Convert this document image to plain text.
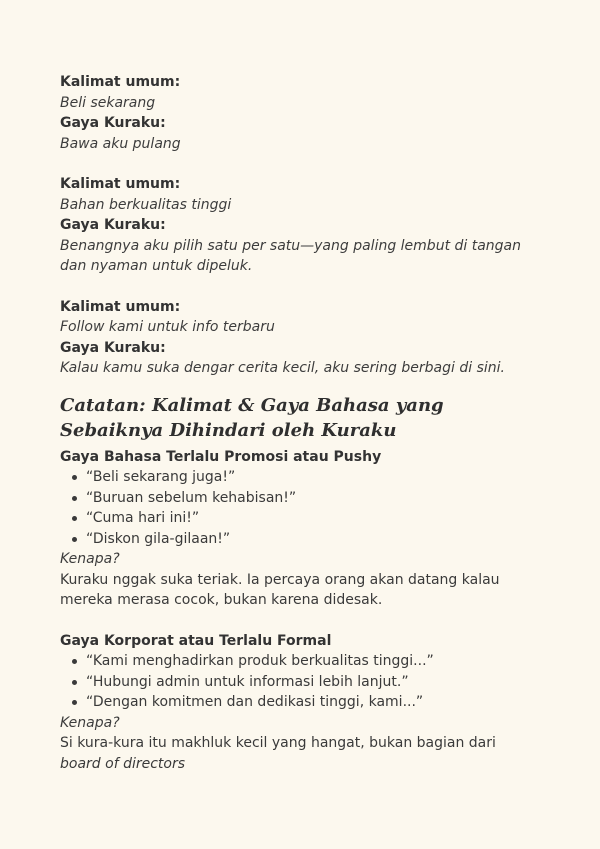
Kalimat umum:
Beli sekarang
Gaya Kuraku:
Bawa aku pulang
Kalimat umum:
Bahan berkualitas tinggi
Gaya Kuraku:
Benangnya aku pilih satu per satu—yang paling lembut di tangan dan nyaman untuk dipeluk.
Kalimat umum:
Follow kami untuk info terbaru
Gaya Kuraku:
Kalau kamu suka dengar cerita kecil, aku sering berbagi di sini.
Catatan: Kalimat & Gaya Bahasa yang
Sebaiknya Dihindari oleh Kuraku
Gaya Bahasa Terlalu Promosi atau Pushy
“Beli sekarang juga!”
“Buruan sebelum kehabisan!”
“Cuma hari ini!”
“Diskon gila-gilaan!”
Kenapa?
Kuraku nggak suka teriak. Ia percaya orang akan datang kalau mereka merasa cocok, bukan karena didesak.
Gaya Korporat atau Terlalu Formal
“Kami menghadirkan produk berkualitas tinggi...”
“Hubungi admin untuk informasi lebih lanjut.”
“Dengan komitmen dan dedikasi tinggi, kami...”
Kenapa?
Si kura-kura itu makhluk kecil yang hangat, bukan bagian dari
board of directors
